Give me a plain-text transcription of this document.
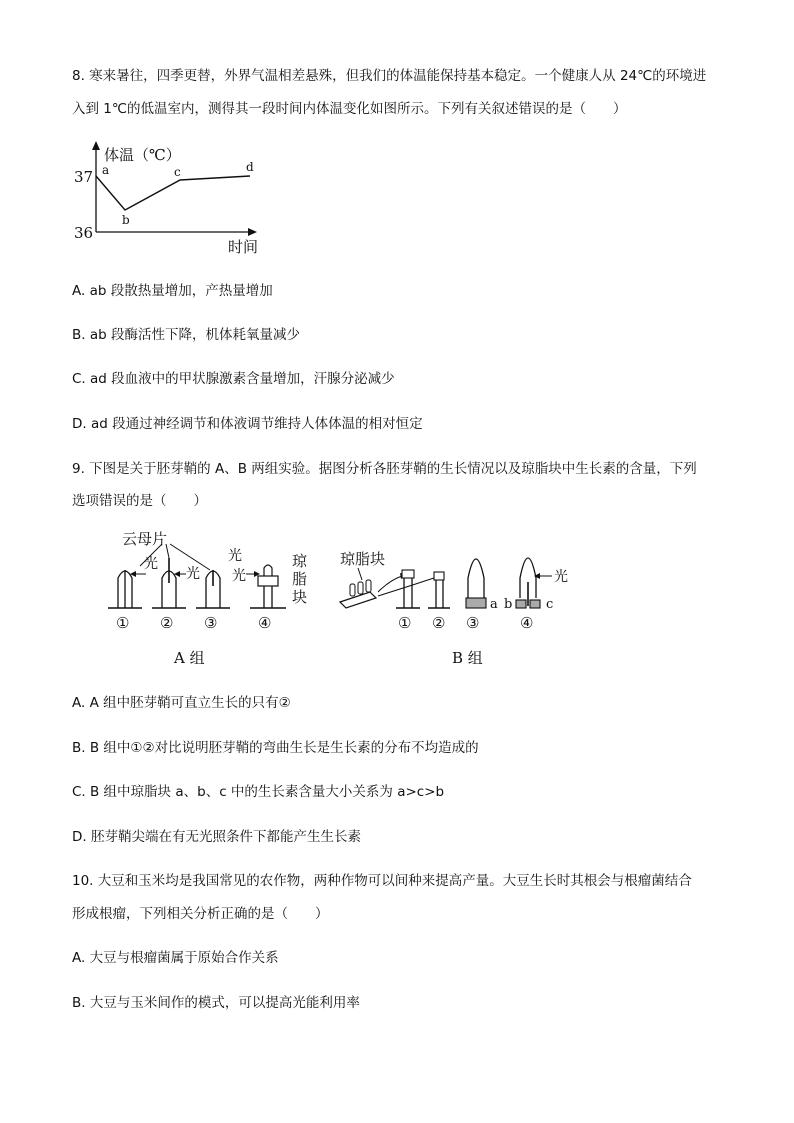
8. 寒来暑往，四季更替，外界气温相差悬殊，但我们的体温能保持基本稳定。一个健康人从 24℃的环境进
入到 1℃的低温室内，测得其一段时间内体温变化如图所示。下列有关叙述错误的是（　　）
体温（℃）
时间
37
36
a
b
c	d
A. ab 段散热量增加，产热量增加
B. ab 段酶活性下降，机体耗氧量减少
C. ad 段血液中的甲状腺激素含量增加，汗腺分泌减少
D. ad 段通过神经调节和体液调节维持人体体温的相对恒定
9. 下图是关于胚芽鞘的 A、B 两组实验。据图分析各胚芽鞘的生长情况以及琼脂块中生长素的含量，下列
选项错误的是（　　）
云母片
光
光
光
光
琼
脂
块
① ② ③	④
A 组
琼脂块
a b	c
光
① ② ③	④
B 组
A. A 组中胚芽鞘可直立生长的只有②
B. B 组中①②对比说明胚芽鞘的弯曲生长是生长素的分布不均造成的
C. B 组中琼脂块 a、b、c 中的生长素含量大小关系为 a>c>b
D. 胚芽鞘尖端在有无光照条件下都能产生生长素
10. 大豆和玉米均是我国常见的农作物，两种作物可以间种来提高产量。大豆生长时其根会与根瘤菌结合
形成根瘤，下列相关分析正确的是（　　）
A. 大豆与根瘤菌属于原始合作关系
B. 大豆与玉米间作的模式，可以提高光能利用率
